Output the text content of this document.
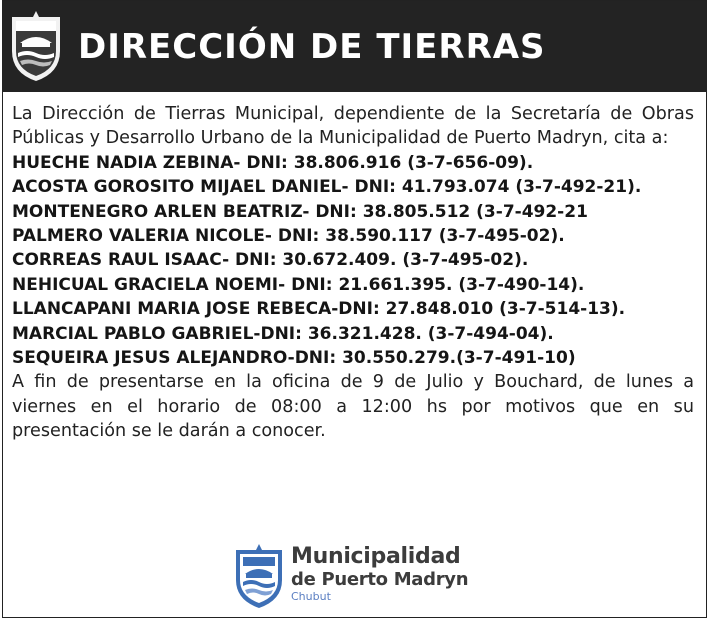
DIRECCIÓN DE TIERRAS
La Dirección de Tierras Municipal, dependiente de la Secretaría de Obras Públicas y Desarrollo Urbano de la Municipalidad de Puerto Madryn, cita a:
HUECHE NADIA ZEBINA- DNI: 38.806.916 (3-7-656-09).
ACOSTA GOROSITO MIJAEL DANIEL- DNI: 41.793.074 (3-7-492-21).
MONTENEGRO ARLEN BEATRIZ- DNI: 38.805.512 (3-7-492-21
PALMERO VALERIA NICOLE- DNI: 38.590.117 (3-7-495-02).
CORREAS RAUL ISAAC- DNI: 30.672.409. (3-7-495-02).
NEHICUAL GRACIELA NOEMI- DNI: 21.661.395. (3-7-490-14).
LLANCAPANI MARIA JOSE REBECA-DNI: 27.848.010 (3-7-514-13).
MARCIAL PABLO GABRIEL-DNI: 36.321.428. (3-7-494-04).
SEQUEIRA JESUS ALEJANDRO-DNI: 30.550.279.(3-7-491-10)
A fin de presentarse en la oficina de 9 de Julio y Bouchard, de lunes a viernes en el horario de 08:00 a 12:00 hs por motivos que en su presentación se le darán a conocer.
Municipalidad
de Puerto Madryn
Chubut
